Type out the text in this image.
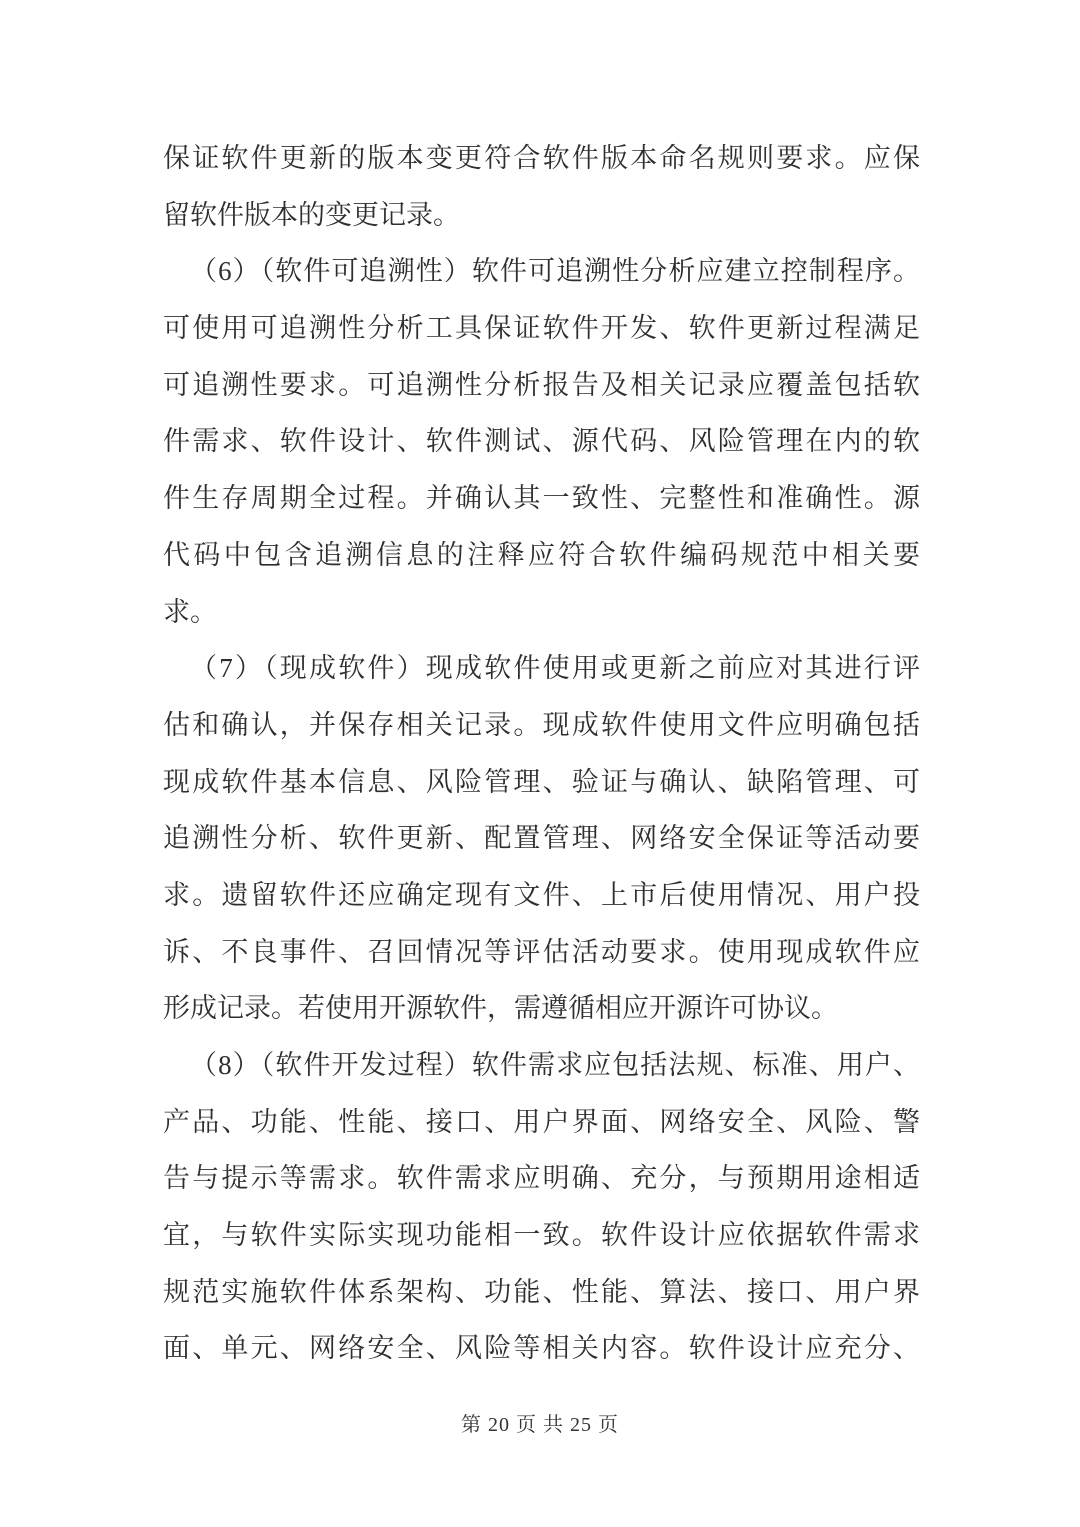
保证软件更新的版本变更符合软件版本命名规则要求。应保
留软件版本的变更记录。
（6）（软件可追溯性）软件可追溯性分析应建立控制程序。
可使用可追溯性分析工具保证软件开发、软件更新过程满足
可追溯性要求。可追溯性分析报告及相关记录应覆盖包括软
件需求、软件设计、软件测试、源代码、风险管理在内的软
件生存周期全过程。并确认其一致性、完整性和准确性。源
代码中包含追溯信息的注释应符合软件编码规范中相关要
求。
（7）（现成软件）现成软件使用或更新之前应对其进行评
估和确认，并保存相关记录。现成软件使用文件应明确包括
现成软件基本信息、风险管理、验证与确认、缺陷管理、可
追溯性分析、软件更新、配置管理、网络安全保证等活动要
求。遗留软件还应确定现有文件、上市后使用情况、用户投
诉、不良事件、召回情况等评估活动要求。使用现成软件应
形成记录。若使用开源软件，需遵循相应开源许可协议。
（8）（软件开发过程）软件需求应包括法规、标准、用户、
产品、功能、性能、接口、用户界面、网络安全、风险、警
告与提示等需求。软件需求应明确、充分，与预期用途相适
宜，与软件实际实现功能相一致。软件设计应依据软件需求
规范实施软件体系架构、功能、性能、算法、接口、用户界
面、单元、网络安全、风险等相关内容。软件设计应充分、
第 20 页 共 25 页
